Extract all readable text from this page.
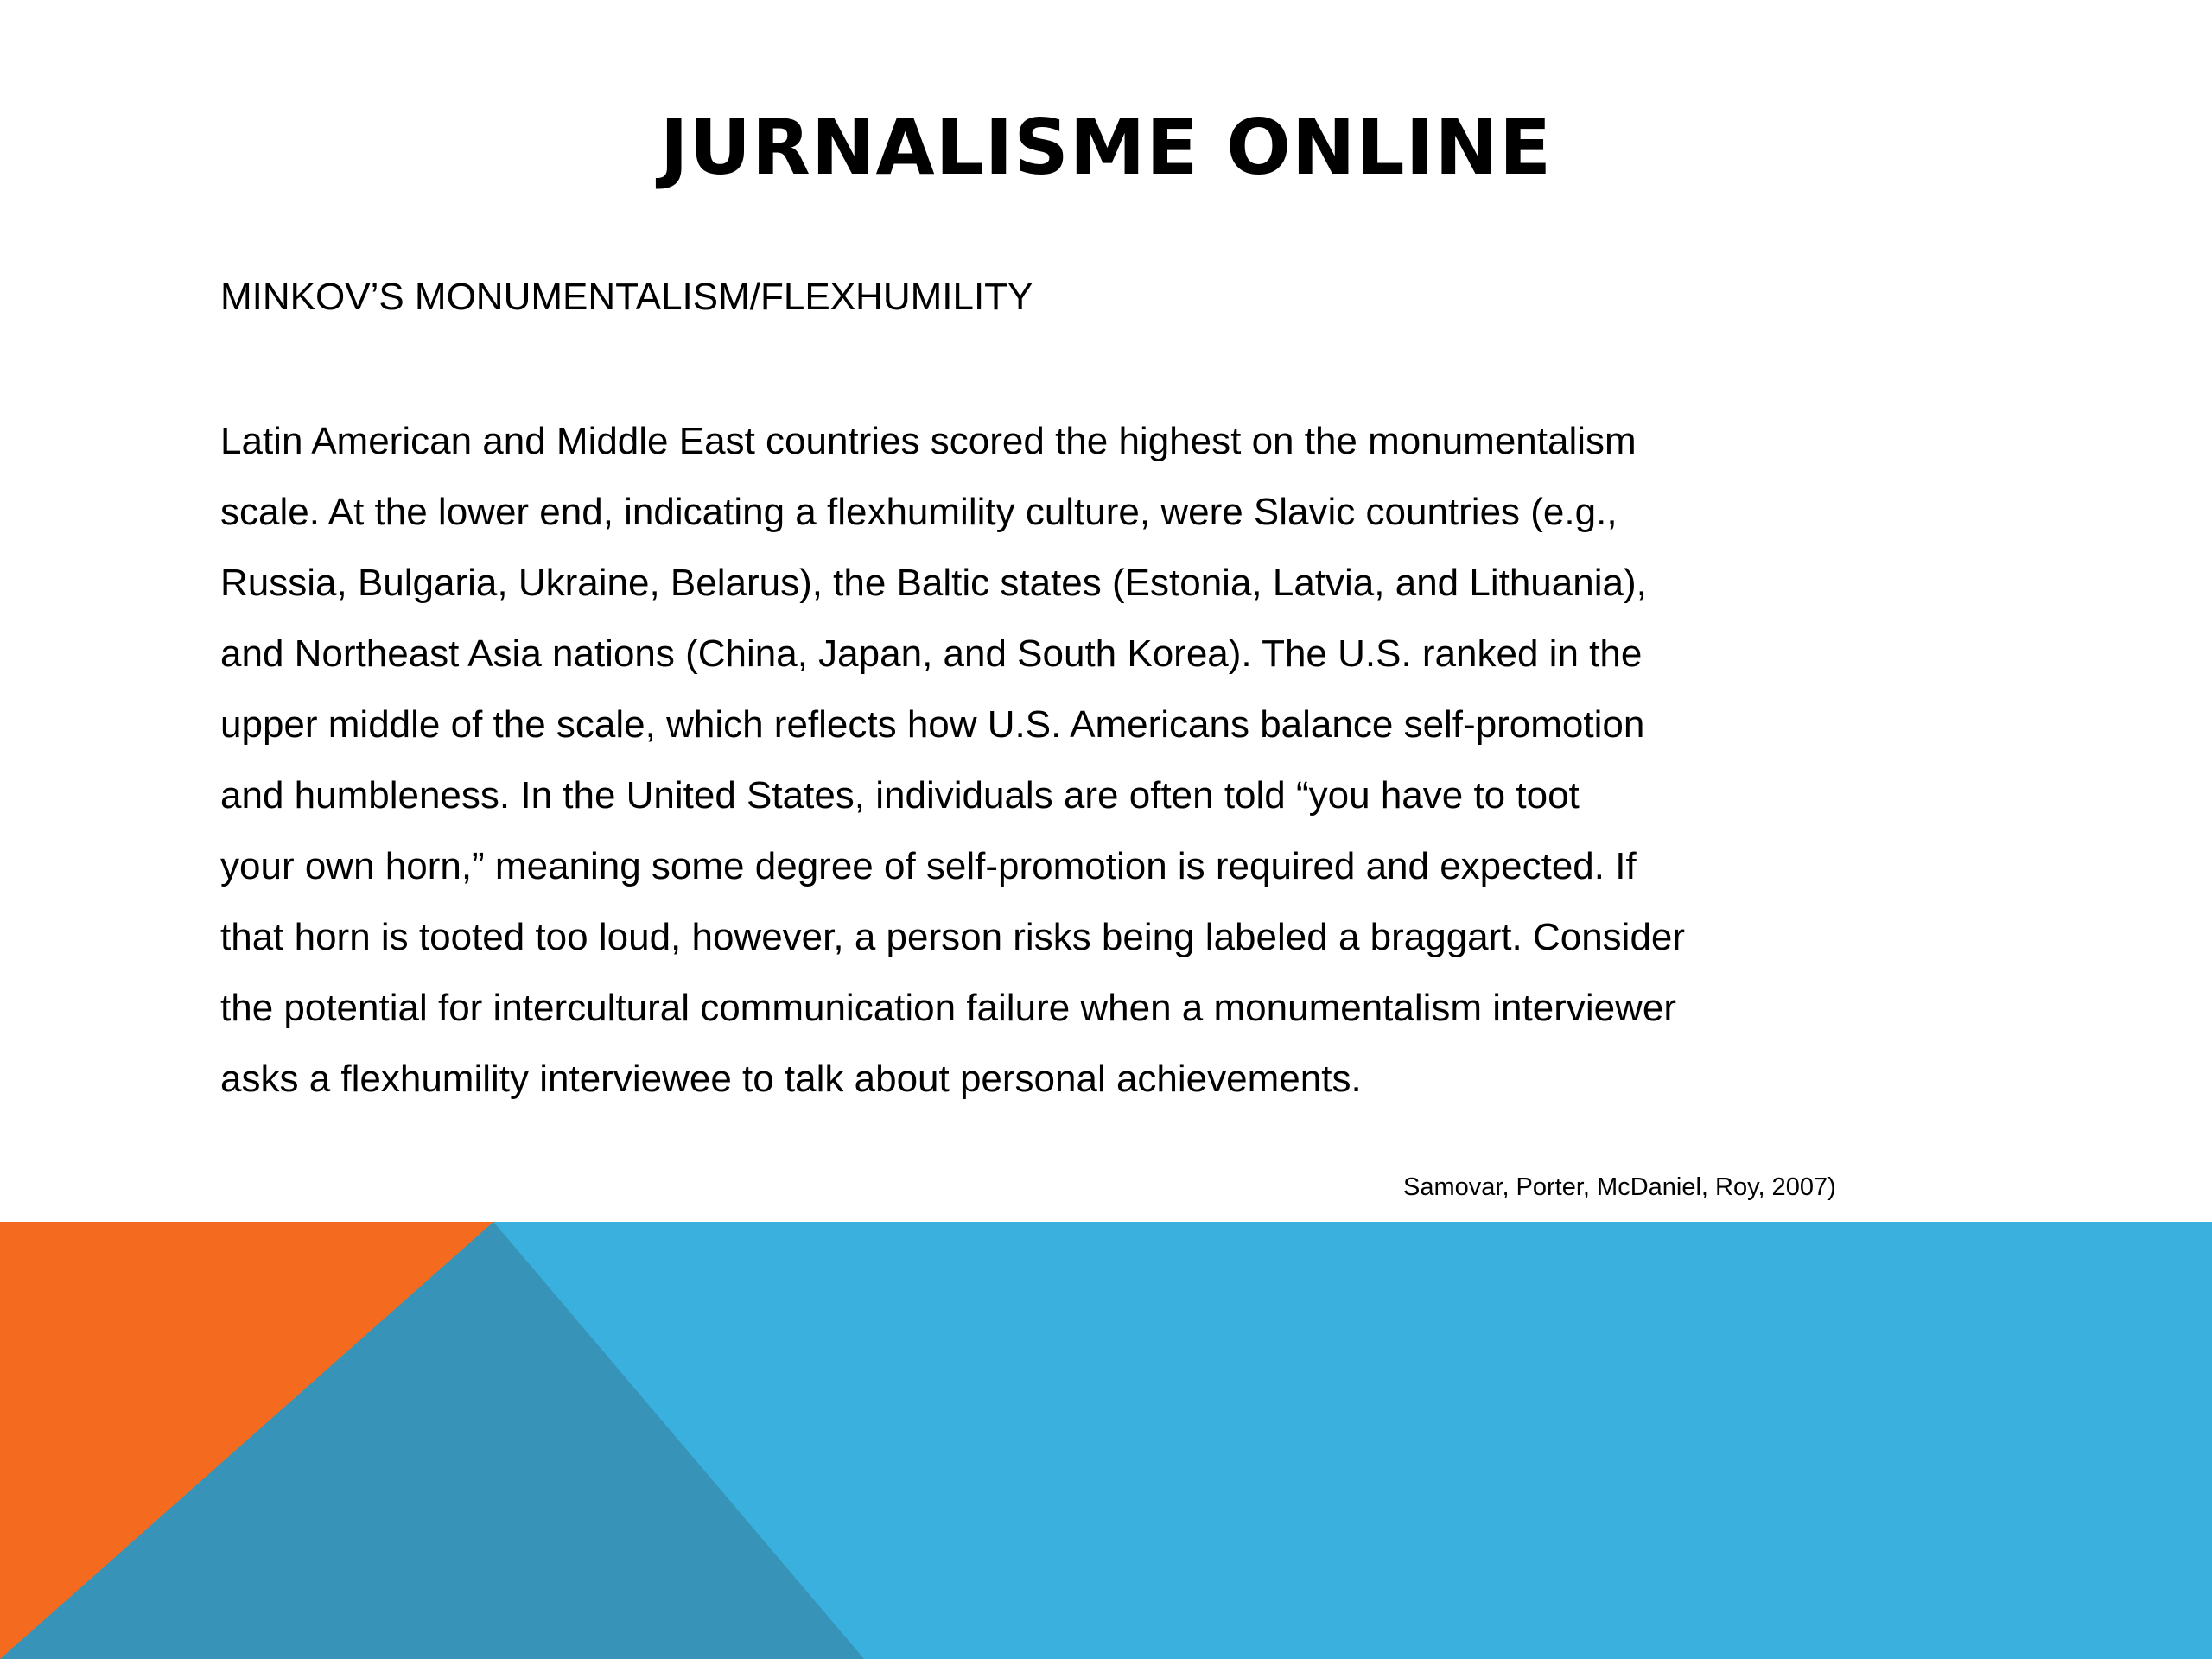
JURNALISME ONLINE
MINKOV’S MONUMENTALISM/FLEXHUMILITY
Latin American and Middle East countries scored the highest on the monumentalism
scale. At the lower end, indicating a flexhumility culture, were Slavic countries (e.g.,
Russia, Bulgaria, Ukraine, Belarus), the Baltic states (Estonia, Latvia, and Lithuania),
and Northeast Asia nations (China, Japan, and South Korea). The U.S. ranked in the
upper middle of the scale, which reflects how U.S. Americans balance self-promotion
and humbleness. In the United States, individuals are often told “you have to toot
your own horn,” meaning some degree of self-promotion is required and expected. If
that horn is tooted too loud, however, a person risks being labeled a braggart. Consider
the potential for intercultural communication failure when a monumentalism interviewer
asks a flexhumility interviewee to talk about personal achievements.
Samovar, Porter, McDaniel, Roy, 2007)
